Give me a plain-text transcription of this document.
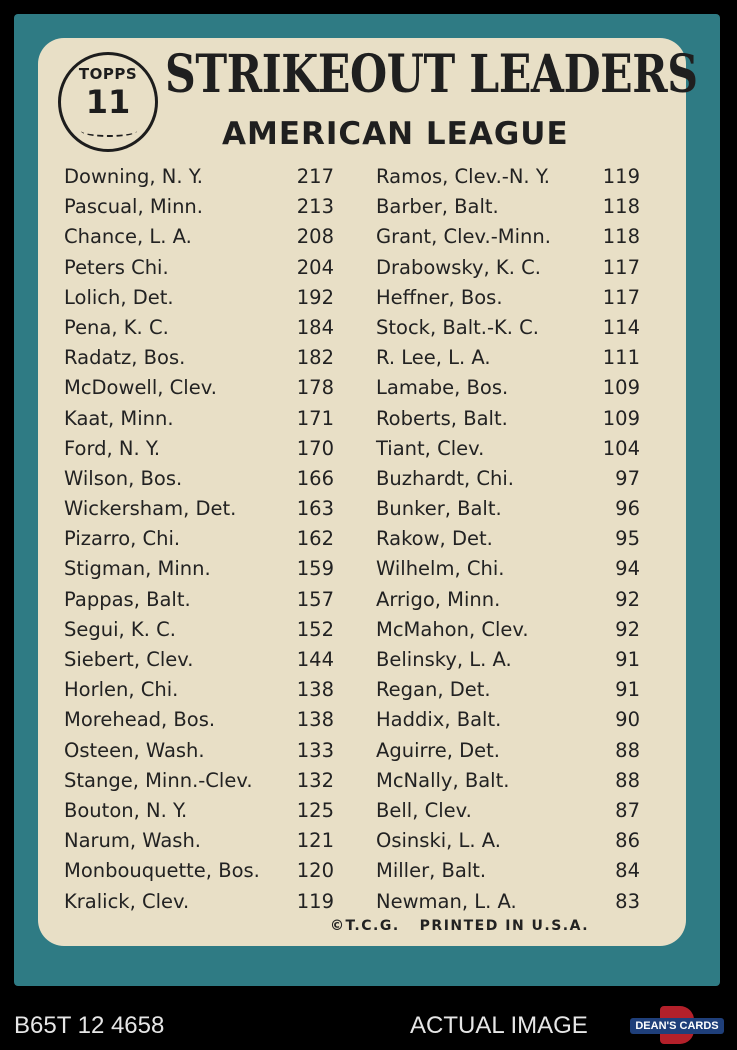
TOPPS
11 STRIKEOUT LEADERS
AMERICAN LEAGUE
Downing, N. Y.	217
Pascual, Minn.	213
Chance, L. A.	208
Peters Chi.	204
Lolich, Det.	192
Pena, K. C.	184
Radatz, Bos.	182
McDowell, Clev.	178
Kaat, Minn.	171
Ford, N. Y.	170
Wilson, Bos.	166
Wickersham, Det.	163
Pizarro, Chi.	162
Stigman, Minn.	159
Pappas, Balt.	157
Segui, K. C.	152
Siebert, Clev.	144
Horlen, Chi.	138
Morehead, Bos.	138
Osteen, Wash.	133
Stange, Minn.-Clev. 132
Bouton, N. Y.	125
Narum, Wash.	121
Monbouquette, Bos. 120
Kralick, Clev.	119
Ramos, Clev.-N. Y.	119
Barber, Balt.	118
Grant, Clev.-Minn.	118
Drabowsky, K. C.	117
Heffner, Bos.	117
Stock, Balt.-K. C.	114
R. Lee, L. A.	111
Lamabe, Bos.	109
Roberts, Balt.	109
Tiant, Clev.	104
Buzhardt, Chi.	97
Bunker, Balt.	96
Rakow, Det.	95
Wilhelm, Chi.	94
Arrigo, Minn.	92
McMahon, Clev.	92
Belinsky, L. A.	91
Regan, Det.	91
Haddix, Balt.	90
Aguirre, Det.	88
McNally, Balt.	88
Bell, Clev.	87
Osinski, L. A.	86
Miller, Balt.	84
Newman, L. A.	83
©T.C.G. PRINTED IN U.S.A.
B65T 12 4658	ACTUAL IMAGE	DEAN'S CARDS
